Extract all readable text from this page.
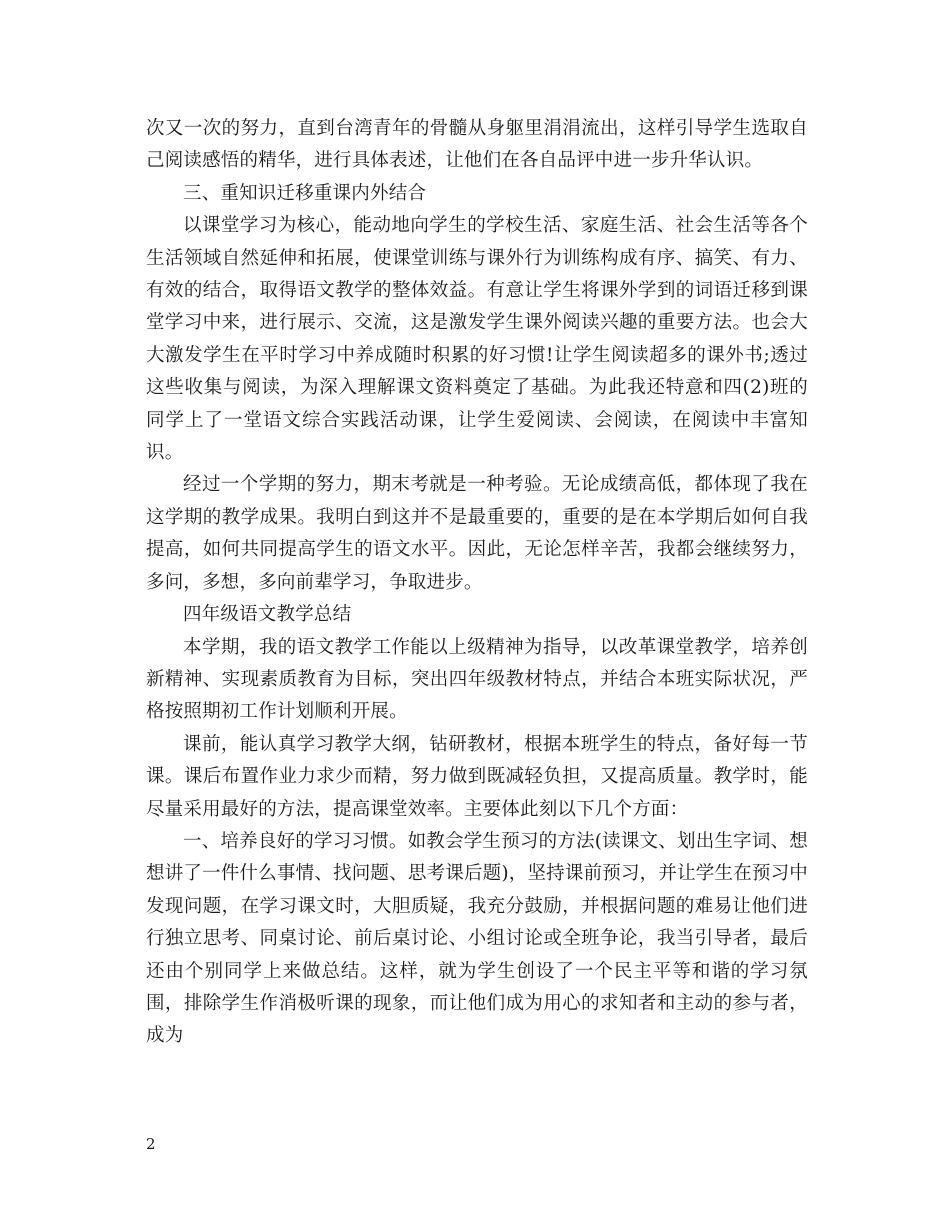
次又一次的努力，直到台湾青年的骨髓从身躯里涓涓流出，这样引导学生选取自己阅读感悟的精华，进行具体表述，让他们在各自品评中进一步升华认识。

三、重知识迁移重课内外结合

以课堂学习为核心，能动地向学生的学校生活、家庭生活、社会生活等各个生活领域自然延伸和拓展，使课堂训练与课外行为训练构成有序、搞笑、有力、有效的结合，取得语文教学的整体效益。有意让学生将课外学到的词语迁移到课堂学习中来，进行展示、交流，这是激发学生课外阅读兴趣的重要方法。也会大大激发学生在平时学习中养成随时积累的好习惯!让学生阅读超多的课外书;透过这些收集与阅读，为深入理解课文资料奠定了基础。为此我还特意和四(2)班的同学上了一堂语文综合实践活动课，让学生爱阅读、会阅读，在阅读中丰富知识。

经过一个学期的努力，期末考就是一种考验。无论成绩高低，都体现了我在这学期的教学成果。我明白到这并不是最重要的，重要的是在本学期后如何自我提高，如何共同提高学生的语文水平。因此，无论怎样辛苦，我都会继续努力，多问，多想，多向前辈学习，争取进步。

四年级语文教学总结

本学期，我的语文教学工作能以上级精神为指导，以改革课堂教学，培养创新精神、实现素质教育为目标，突出四年级教材特点，并结合本班实际状况，严格按照期初工作计划顺利开展。

课前，能认真学习教学大纲，钻研教材，根据本班学生的特点，备好每一节课。课后布置作业力求少而精，努力做到既减轻负担，又提高质量。教学时，能尽量采用最好的方法，提高课堂效率。主要体此刻以下几个方面：

一、培养良好的学习习惯。如教会学生预习的方法(读课文、划出生字词、想想讲了一件什么事情、找问题、思考课后题)，坚持课前预习，并让学生在预习中发现问题，在学习课文时，大胆质疑，我充分鼓励，并根据问题的难易让他们进行独立思考、同桌讨论、前后桌讨论、小组讨论或全班争论，我当引导者，最后还由个别同学上来做总结。这样，就为学生创设了一个民主平等和谐的学习氛围，排除学生作消极听课的现象，而让他们成为用心的求知者和主动的参与者，成为

2
